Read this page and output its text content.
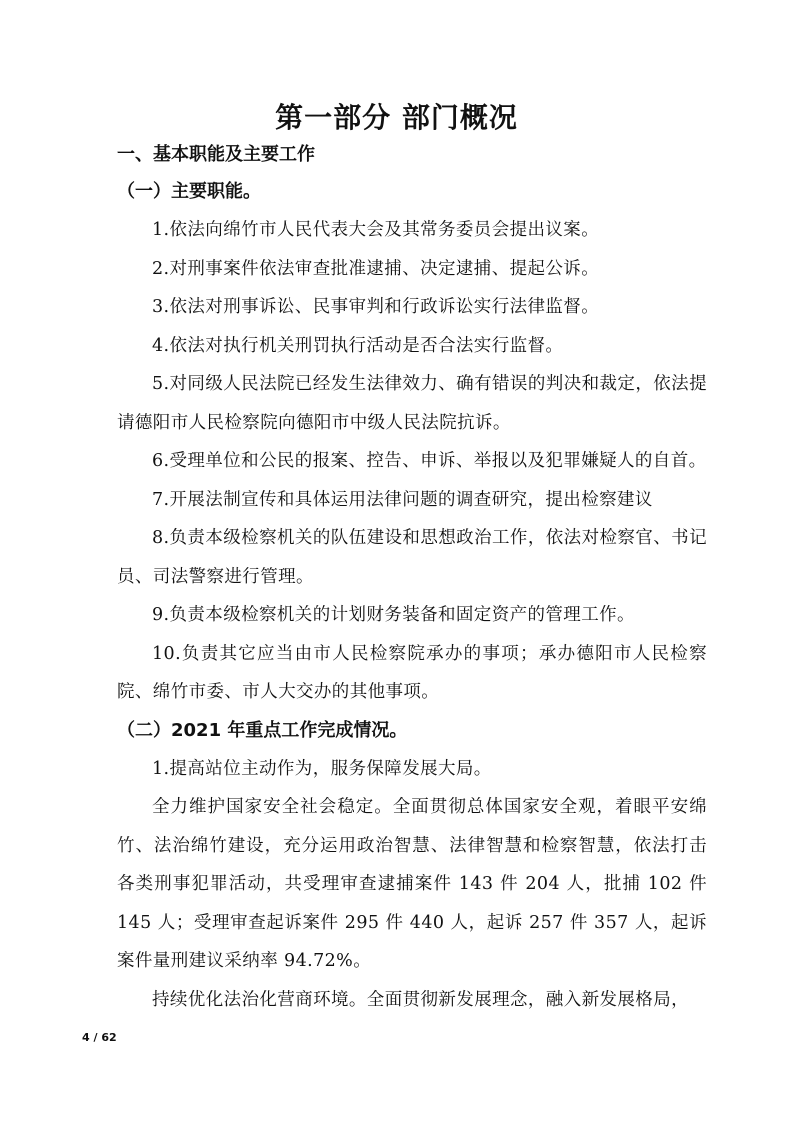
第一部分 部门概况

一、基本职能及主要工作

（一）主要职能。

1.依法向绵竹市人民代表大会及其常务委员会提出议案。

2.对刑事案件依法审查批准逮捕、决定逮捕、提起公诉。

3.依法对刑事诉讼、民事审判和行政诉讼实行法律监督。

4.依法对执行机关刑罚执行活动是否合法实行监督。

5.对同级人民法院已经发生法律效力、确有错误的判决和裁定，依法提请德阳市人民检察院向德阳市中级人民法院抗诉。

6.受理单位和公民的报案、控告、申诉、举报以及犯罪嫌疑人的自首。

7.开展法制宣传和具体运用法律问题的调查研究，提出检察建议

8.负责本级检察机关的队伍建设和思想政治工作，依法对检察官、书记员、司法警察进行管理。

9.负责本级检察机关的计划财务装备和固定资产的管理工作。

10.负责其它应当由市人民检察院承办的事项；承办德阳市人民检察院、绵竹市委、市人大交办的其他事项。

（二）2021 年重点工作完成情况。

1.提高站位主动作为，服务保障发展大局。

全力维护国家安全社会稳定。全面贯彻总体国家安全观，着眼平安绵竹、法治绵竹建设，充分运用政治智慧、法律智慧和检察智慧，依法打击各类刑事犯罪活动，共受理审查逮捕案件 143 件 204 人，批捕 102 件 145 人；受理审查起诉案件 295 件 440 人，起诉 257 件 357 人，起诉案件量刑建议采纳率 94.72%。

持续优化法治化营商环境。全面贯彻新发展理念，融入新发展格局，

4 / 62
